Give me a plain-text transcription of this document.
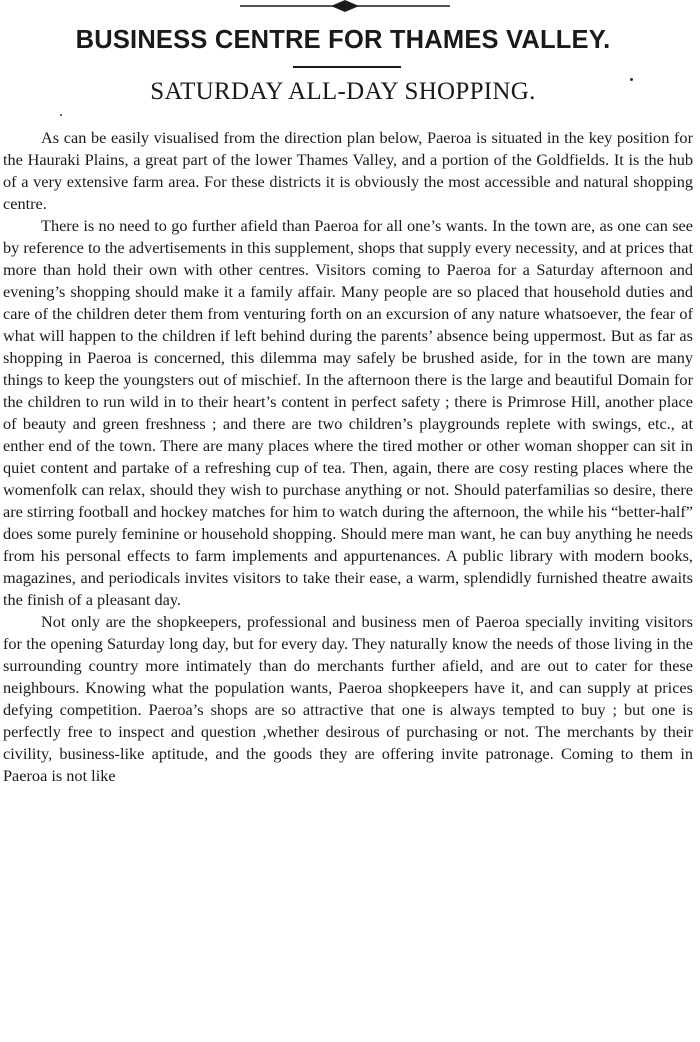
BUSINESS CENTRE FOR THAMES VALLEY.
SATURDAY ALL-DAY SHOPPING.

As can be easily visualised from the direction plan below, Paeroa is situated in the key position for the Hauraki Plains, a great part of the lower Thames Valley, and a portion of the Goldfields. It is the hub of a very extensive farm area. For these districts it is obviously the most accessible and natural shopping centre.

There is no need to go further afield than Paeroa for all one’s wants. In the town are, as one can see by reference to the advertisements in this supplement, shops that supply every necessity, and at prices that more than hold their own with other centres. Visitors coming to Paeroa for a Saturday afternoon and evening’s shopping should make it a family affair. Many people are so placed that household duties and care of the children deter them from venturing forth on an excursion of any nature whatsoever, the fear of what will happen to the children if left behind during the parents’ absence being uppermost. But as far as shopping in Paeroa is concerned, this dilemma may safely be brushed aside, for in the town are many things to keep the youngsters out of mischief. In the afternoon there is the large and beautiful Domain for the children to run wild in to their heart’s content in perfect safety ; there is Primrose Hill, another place of beauty and green freshness ; and there are two children’s playgrounds replete with swings, etc., at enther end of the town. There are many places where the tired mother or other woman shopper can sit in quiet content and partake of a refreshing cup of tea. Then, again, there are cosy resting places where the womenfolk can relax, should they wish to purchase anything or not. Should paterfamilias so desire, there are stirring football and hockey matches for him to watch during the afternoon, the while his “better-half” does some purely feminine or household shopping. Should mere man want, he can buy anything he needs from his personal effects to farm implements and appurtenances. A public library with modern books, magazines, and periodicals invites visitors to take their ease, a warm, splendidly furnished theatre awaits the finish of a pleasant day.

Not only are the shopkeepers, professional and business men of Paeroa specially inviting visitors for the opening Saturday long day, but for every day. They naturally know the needs of those living in the surrounding country more intimately than do merchants further afield, and are out to cater for these neighbours. Knowing what the population wants, Paeroa shopkeepers have it, and can supply at prices defying competition. Paeroa’s shops are so attractive that one is always tempted to buy ; but one is perfectly free to inspect and question ,whether desirous of purchasing or not. The merchants by their civility, business-like aptitude, and the goods they are offering invite patronage. Coming to them in Paeroa is not like
